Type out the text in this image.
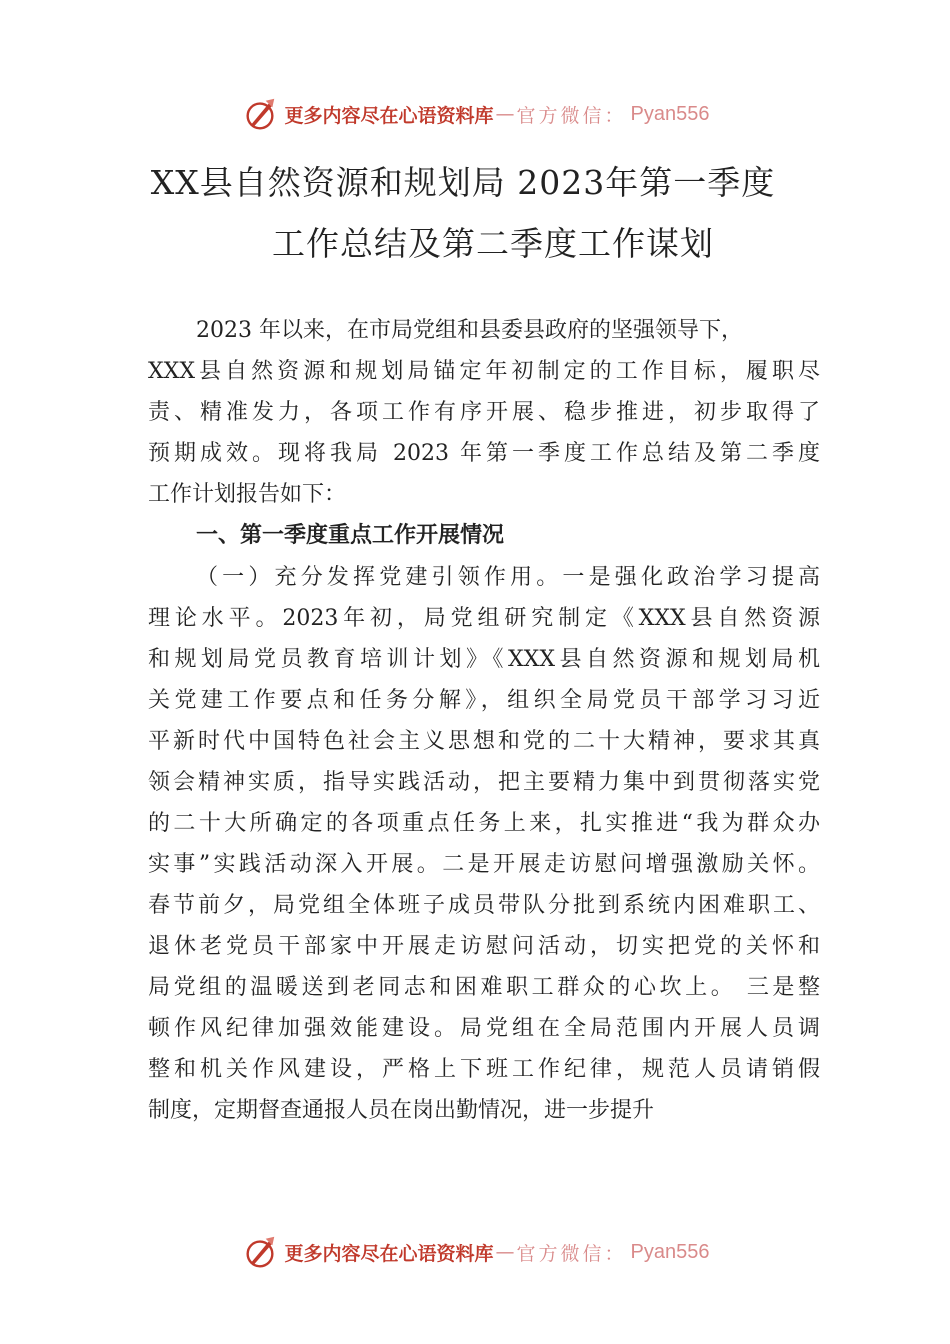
更多内容尽在心语资料库 — 官方微信： Pyan556
XX县自然资源和规划局 2023年第一季度
工作总结及第二季度工作谋划
2023 年以来，在市局党组和县委县政府的坚强领导下，
XXX县自然资源和规划局锚定年初制定的工作目标，履职尽
责、精准发力，各项工作有序开展、稳步推进，初步取得了
预期成效。现将我局 2023 年第一季度工作总结及第二季度
工作计划报告如下：
一、第一季度重点工作开展情况
（一）充分发挥党建引领作用。一是强化政治学习提高
理论水平。2023年初，局党组研究制定《XXX县自然资源
和规划局党员教育培训计划》《XXX县自然资源和规划局机
关党建工作要点和任务分解》，组织全局党员干部学习习近
平新时代中国特色社会主义思想和党的二十大精神，要求其真
领会精神实质，指导实践活动，把主要精力集中到贯彻落实党
的二十大所确定的各项重点任务上来，扎实推进“我为群众办
实事”实践活动深入开展。二是开展走访慰问增强激励关怀。
春节前夕，局党组全体班子成员带队分批到系统内困难职工、
退休老党员干部家中开展走访慰问活动，切实把党的关怀和
局党组的温暖送到老同志和困难职工群众的心坎上。 三是整
顿作风纪律加强效能建设。局党组在全局范围内开展人员调
整和机关作风建设，严格上下班工作纪律，规范人员请销假
制度，定期督查通报人员在岗出勤情况，进一步提升
更多内容尽在心语资料库 — 官方微信： Pyan556
